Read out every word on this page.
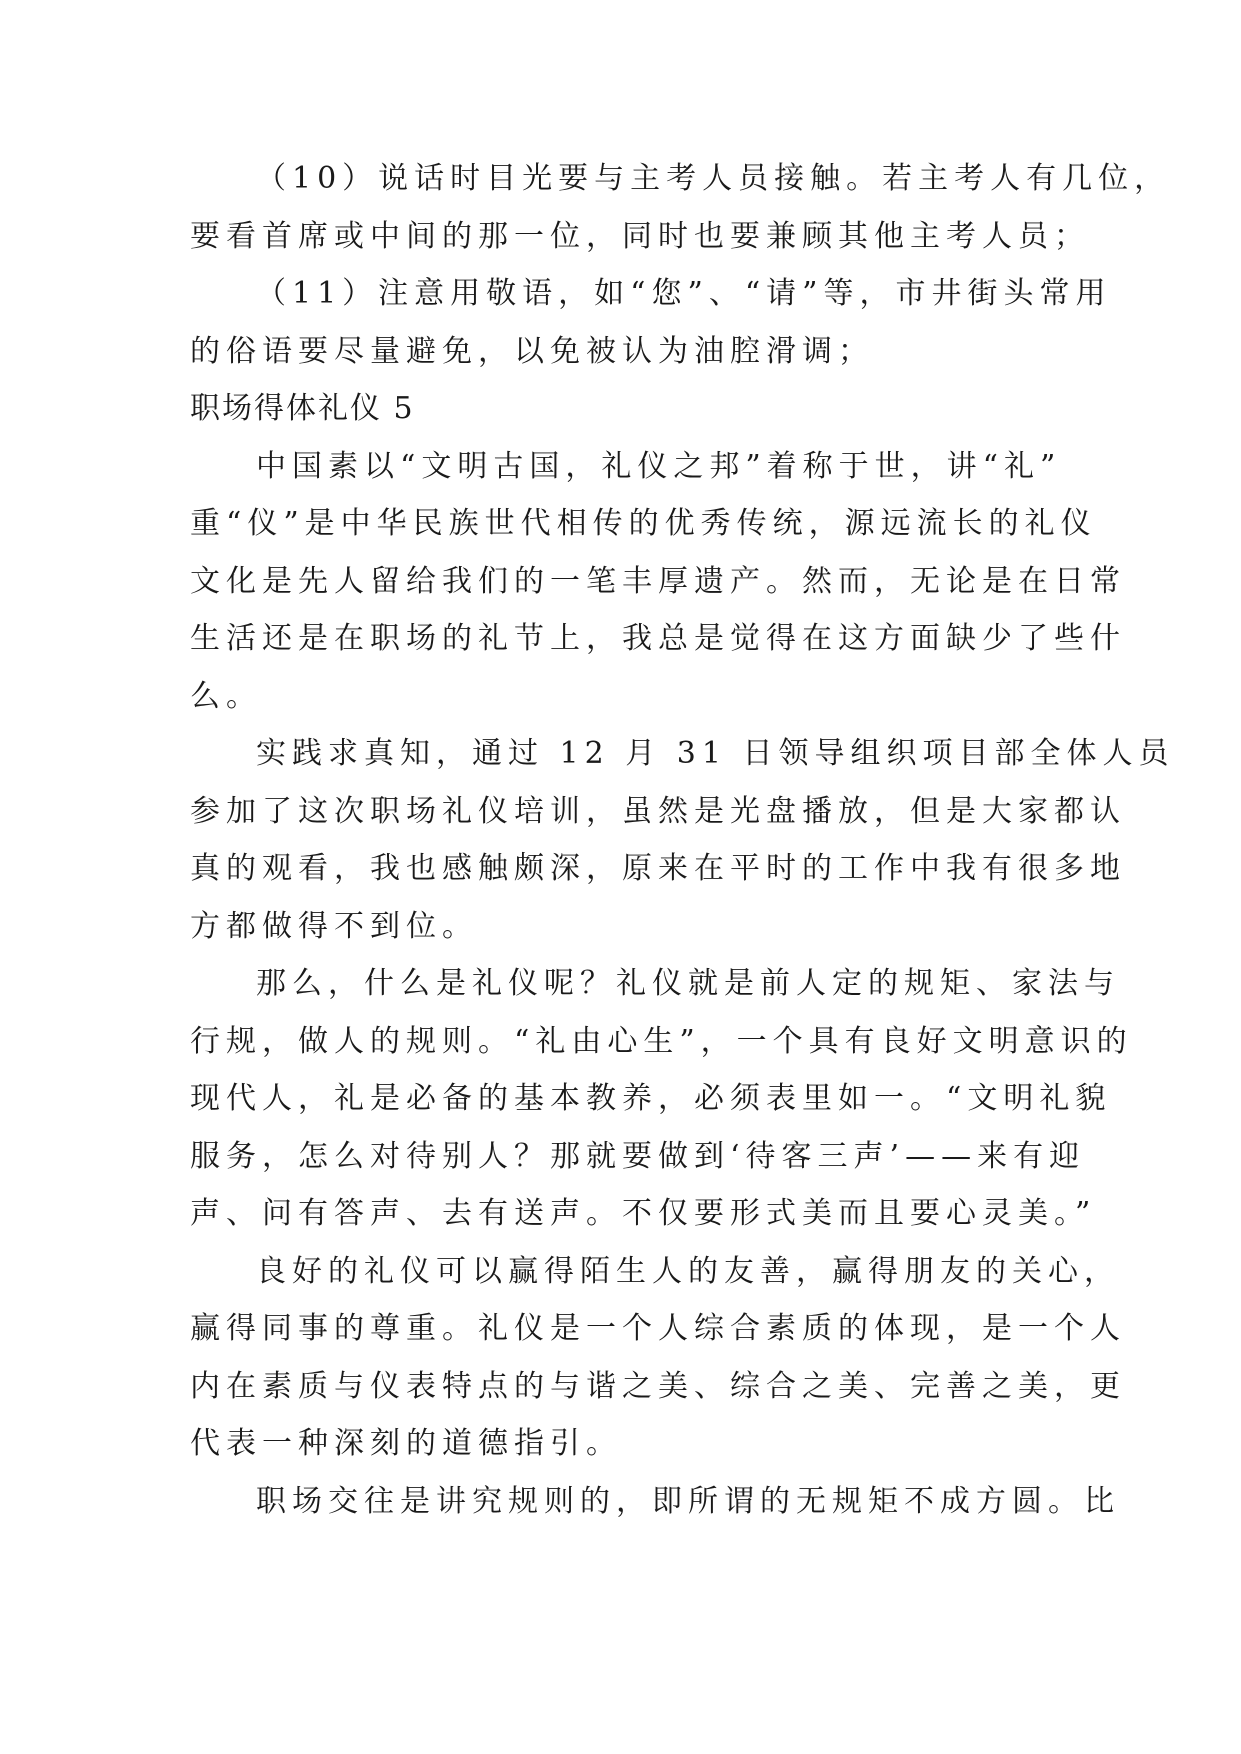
（10）说话时目光要与主考人员接触。若主考人有几位，
要看首席或中间的那一位，同时也要兼顾其他主考人员；
（11）注意用敬语，如“您”、“请”等，市井街头常用
的俗语要尽量避免，以免被认为油腔滑调；
职场得体礼仪 5
中国素以“文明古国，礼仪之邦”着称于世，讲“礼”
重“仪”是中华民族世代相传的优秀传统，源远流长的礼仪
文化是先人留给我们的一笔丰厚遗产。然而，无论是在日常
生活还是在职场的礼节上，我总是觉得在这方面缺少了些什
么。
实践求真知，通过 12 月 31 日领导组织项目部全体人员
参加了这次职场礼仪培训，虽然是光盘播放，但是大家都认
真的观看，我也感触颇深，原来在平时的工作中我有很多地
方都做得不到位。
那么，什么是礼仪呢？礼仪就是前人定的规矩、家法与
行规，做人的规则。“礼由心生”，一个具有良好文明意识的
现代人，礼是必备的基本教养，必须表里如一。“文明礼貌
服务，怎么对待别人？那就要做到‘待客三声’——来有迎
声、问有答声、去有送声。不仅要形式美而且要心灵美。”
良好的礼仪可以赢得陌生人的友善，赢得朋友的关心，
赢得同事的尊重。礼仪是一个人综合素质的体现，是一个人
内在素质与仪表特点的与谐之美、综合之美、完善之美，更
代表一种深刻的道德指引。
职场交往是讲究规则的，即所谓的无规矩不成方圆。比
